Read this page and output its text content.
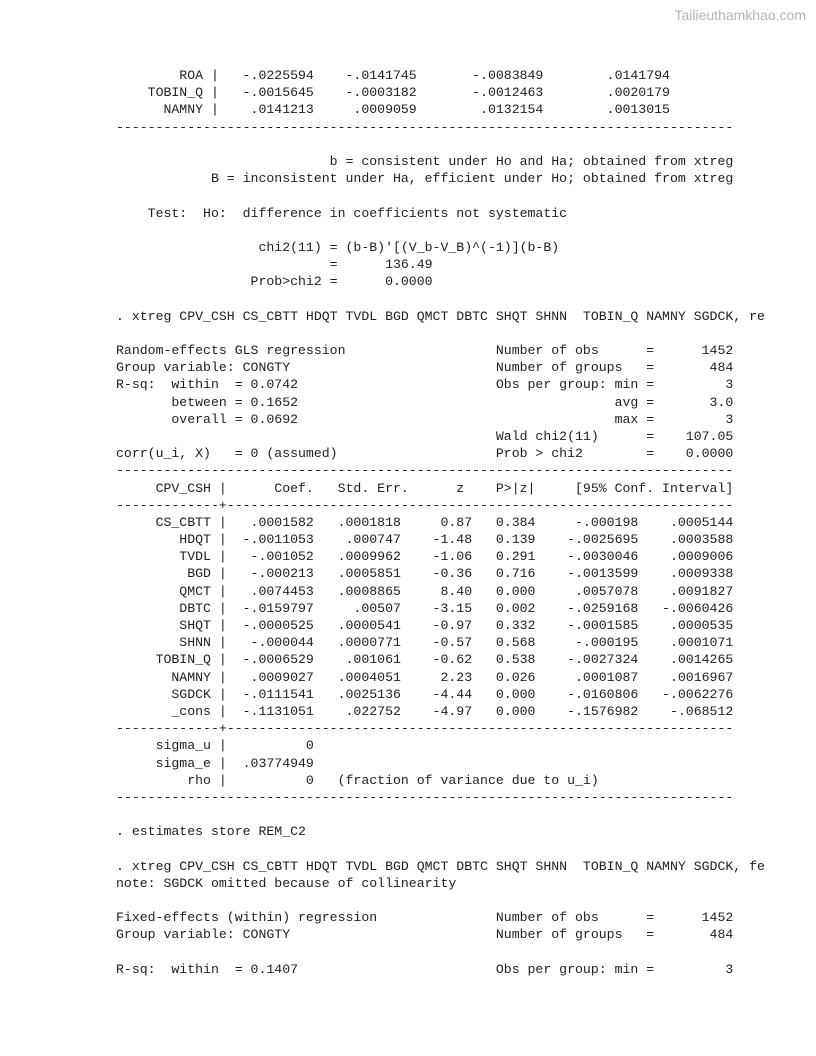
Tailieuthamkhao.com
ROA |   -.0225594    -.0141745       -.0083849        .0141794
TOBIN_Q |   -.0015645    -.0003182       -.0012463        .0020179
NAMNY |    .0141213     .0009059        .0132154        .0013015
------------------------------------------------------------------------------
b = consistent under Ho and Ha; obtained from xtreg
B = inconsistent under Ha, efficient under Ho; obtained from xtreg
Test:  Ho:  difference in coefficients not systematic
chi2(11) = (b-B)'[(V_b-V_B)^(-1)](b-B)
=      136.49
Prob>chi2 =      0.0000
. xtreg CPV_CSH CS_CBTT HDQT TVDL BGD QMCT DBTC SHQT SHNN  TOBIN_Q NAMNY SGDCK, re
Random-effects GLS regression                   Number of obs      =      1452
Group variable: CONGTY                          Number of groups   =       484
R-sq:  within  = 0.0742                         Obs per group: min =         3
between = 0.1652                                        avg =       3.0
overall = 0.0692                                        max =         3
Wald chi2(11)      =    107.05
corr(u_i, X)   = 0 (assumed)                    Prob > chi2        =    0.0000
------------------------------------------------------------------------------
CPV_CSH |      Coef.   Std. Err.      z    P>|z|     [95% Conf. Interval]
-------------+----------------------------------------------------------------
CS_CBTT |   .0001582   .0001818     0.87   0.384     -.000198    .0005144
HDQT |  -.0011053    .000747    -1.48   0.139    -.0025695    .0003588
TVDL |   -.001052   .0009962    -1.06   0.291    -.0030046    .0009006
BGD |   -.000213   .0005851    -0.36   0.716    -.0013599    .0009338
QMCT |   .0074453   .0008865     8.40   0.000     .0057078    .0091827
DBTC |  -.0159797     .00507    -3.15   0.002    -.0259168   -.0060426
SHQT |  -.0000525   .0000541    -0.97   0.332    -.0001585    .0000535
SHNN |   -.000044   .0000771    -0.57   0.568     -.000195    .0001071
TOBIN_Q |  -.0006529    .001061    -0.62   0.538    -.0027324    .0014265
NAMNY |   .0009027   .0004051     2.23   0.026     .0001087    .0016967
SGDCK |  -.0111541   .0025136    -4.44   0.000    -.0160806   -.0062276
_cons |  -.1131051    .022752    -4.97   0.000    -.1576982    -.068512
-------------+----------------------------------------------------------------
sigma_u |          0
sigma_e |  .03774949
rho |          0   (fraction of variance due to u_i)
------------------------------------------------------------------------------
. estimates store REM_C2
. xtreg CPV_CSH CS_CBTT HDQT TVDL BGD QMCT DBTC SHQT SHNN  TOBIN_Q NAMNY SGDCK, fe
note: SGDCK omitted because of collinearity
Fixed-effects (within) regression               Number of obs      =      1452
Group variable: CONGTY                          Number of groups   =       484
R-sq:  within  = 0.1407                         Obs per group: min =         3
